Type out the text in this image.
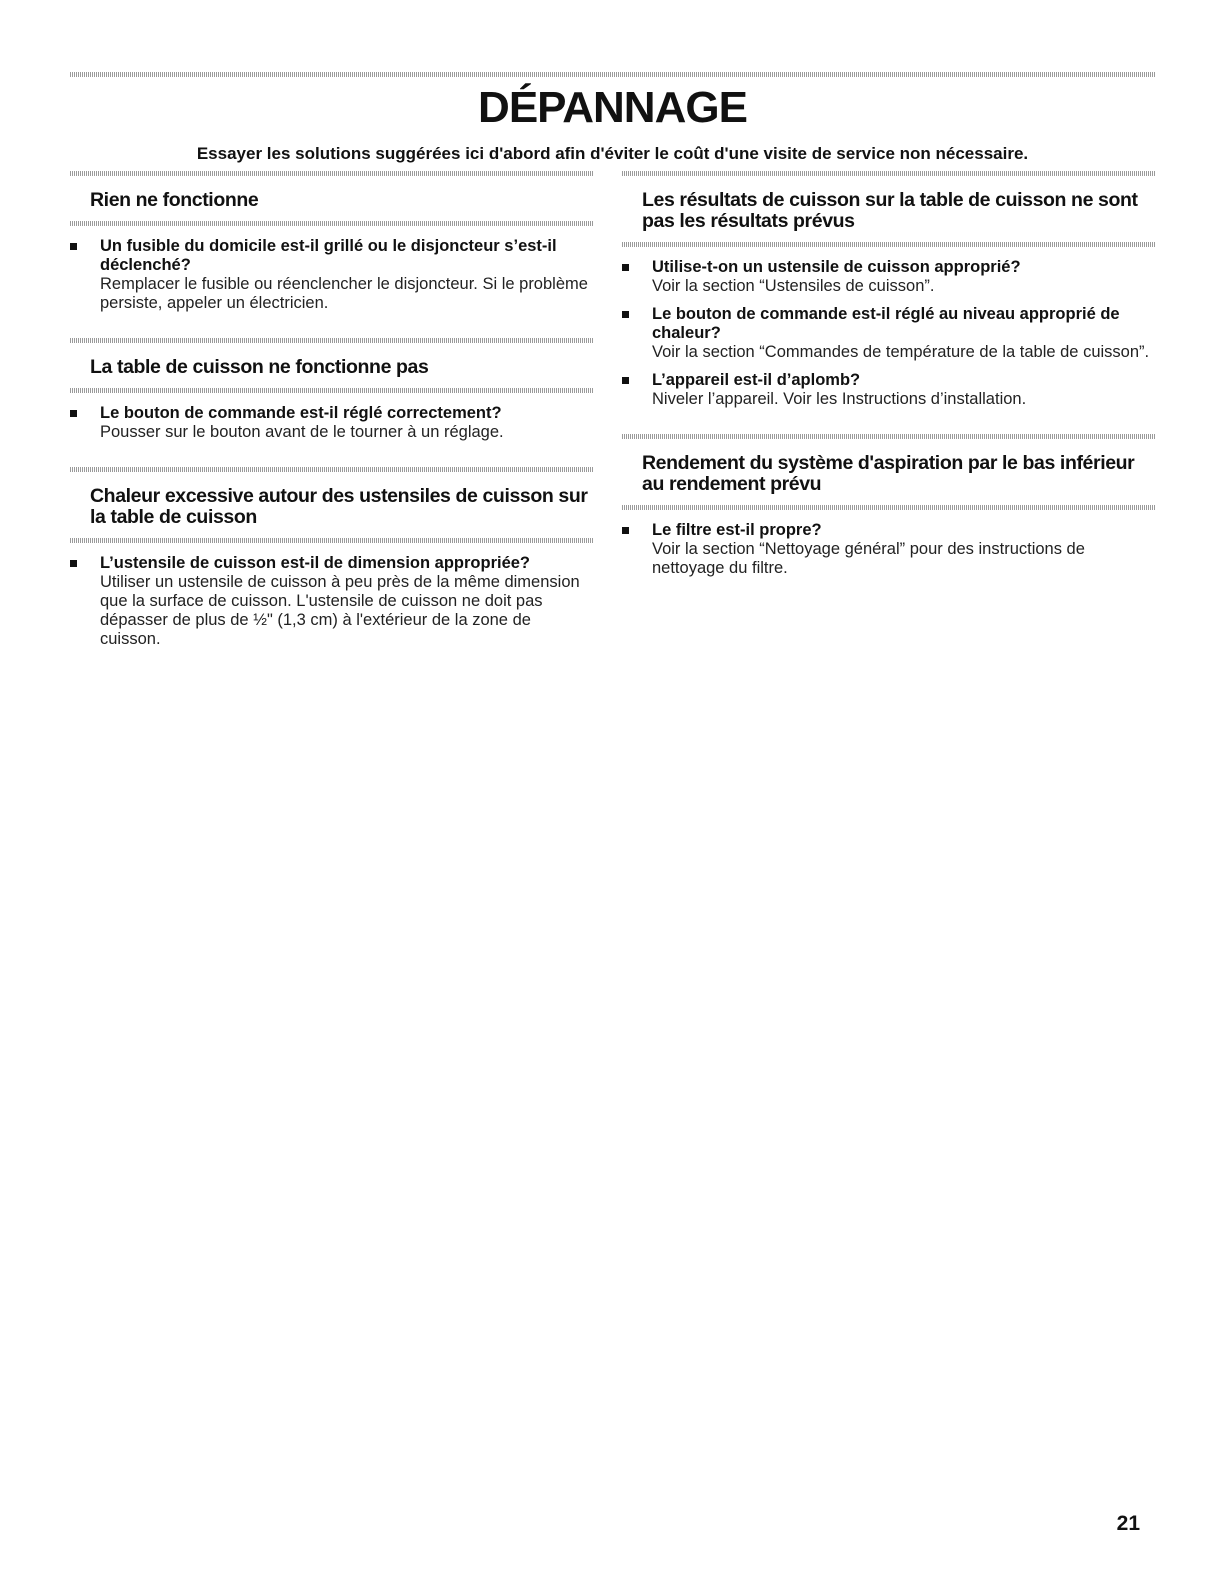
DÉPANNAGE

Essayer les solutions suggérées ici d'abord afin d'éviter le coût d'une visite de service non nécessaire.

Rien ne fonctionne
Un fusible du domicile est-il grillé ou le disjoncteur s’est-il déclenché?
Remplacer le fusible ou réenclencher le disjoncteur. Si le problème persiste, appeler un électricien.
La table de cuisson ne fonctionne pas
Le bouton de commande est-il réglé correctement?
Pousser sur le bouton avant de le tourner à un réglage.
Chaleur excessive autour des ustensiles de cuisson sur la table de cuisson
L’ustensile de cuisson est-il de dimension appropriée?
Utiliser un ustensile de cuisson à peu près de la même dimension que la surface de cuisson. L'ustensile de cuisson ne doit pas dépasser de plus de ½" (1,3 cm) à l'extérieur de la zone de cuisson.
Les résultats de cuisson sur la table de cuisson ne sont pas les résultats prévus
Utilise-t-on un ustensile de cuisson approprié?
Voir la section “Ustensiles de cuisson”.
Le bouton de commande est-il réglé au niveau approprié de chaleur?
Voir la section “Commandes de température de la table de cuisson”.
L’appareil est-il d’aplomb?
Niveler l’appareil. Voir les Instructions d’installation.
Rendement du système d'aspiration par le bas inférieur au rendement prévu
Le filtre est-il propre?
Voir la section “Nettoyage général” pour des instructions de nettoyage du filtre.
21
